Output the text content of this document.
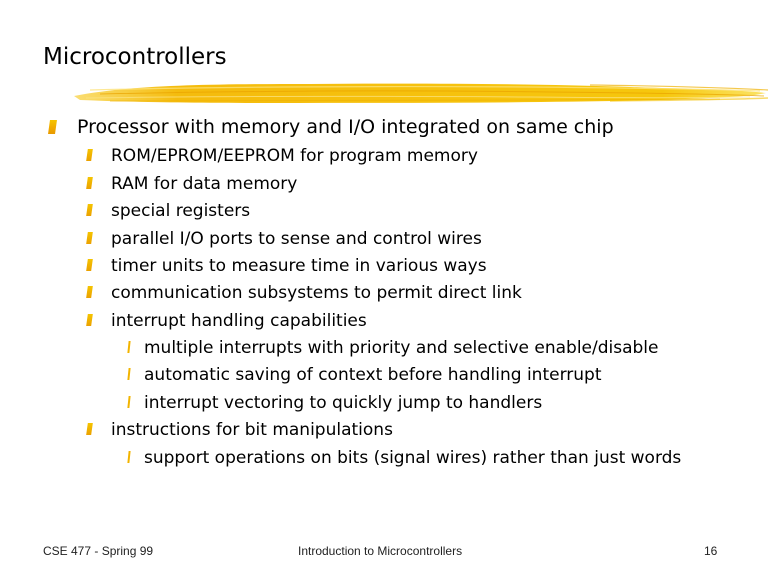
Microcontrollers
Processor with memory and I/O integrated on same chip
ROM/EPROM/EEPROM for program memory
RAM for data memory
special registers
parallel I/O ports to sense and control wires
timer units to measure time in various ways
communication subsystems to permit direct link
interrupt handling capabilities
multiple interrupts with priority and selective enable/disable
automatic saving of context before handling interrupt
interrupt vectoring to quickly jump to handlers
instructions for bit manipulations
support operations on bits (signal wires) rather than just words
CSE 477 - Spring 99	Introduction to Microcontrollers	16
